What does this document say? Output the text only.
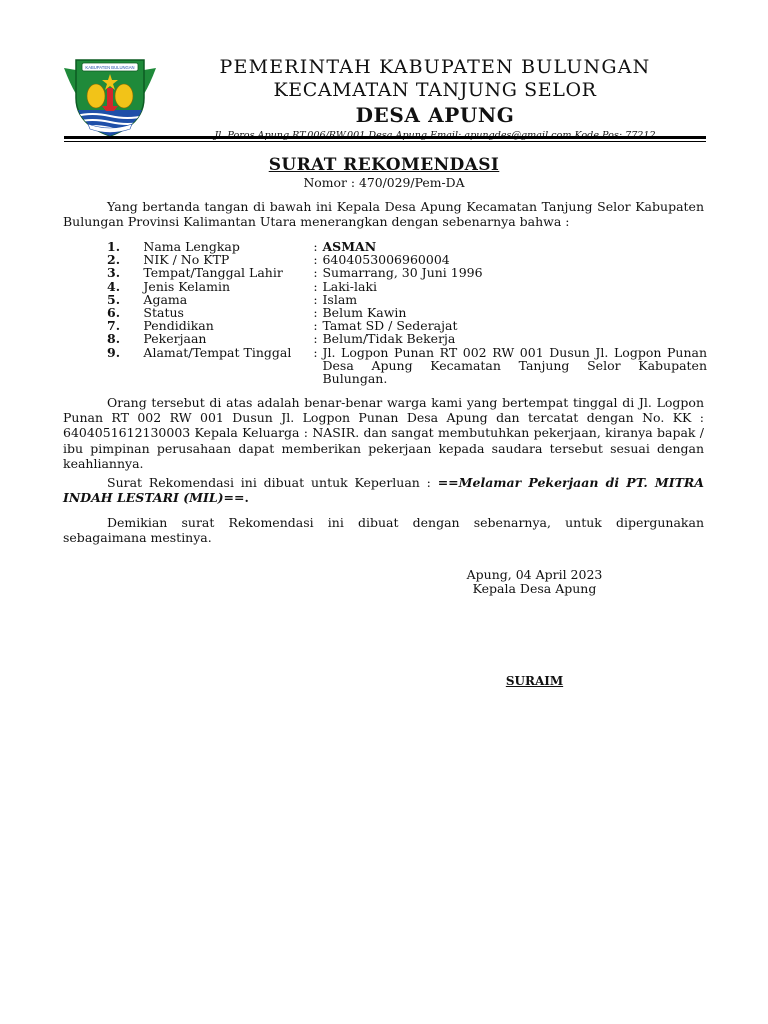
KABUPATEN BULUNGAN	PEMERINTAH KABUPATEN BULUNGAN
KECAMATAN TANJUNG SELOR
DESA APUNG
SURAT REKOMENDASI
Nomor : 470/029/Pem-DA
Yang bertanda tangan di bawah ini Kepala Desa Apung Kecamatan Tanjung Selor Kabupaten Bulungan Provinsi Kalimantan Utara menerangkan dengan sebenarnya bahwa :
1.	Nama Lengkap	:	ASMAN
2.	NIK / No KTP	:	6404053006960004
3.	Tempat/Tanggal Lahir	:	Sumarrang, 30 Juni 1996
4.	Jenis Kelamin	:	Laki-laki
5.	Agama	:	Islam
6.	Status	:	Belum Kawin
7.	Pendidikan	:	Tamat SD / Sederajat
8.	Pekerjaan	:	Belum/Tidak Bekerja
9.	Alamat/Tempat Tinggal	:	Jl. Logpon Punan RT 002 RW 001 Dusun Jl. Logpon Punan Desa Apung Kecamatan Tanjung Selor Kabupaten Bulungan.
Orang tersebut di atas adalah benar-benar warga kami yang bertempat tinggal di Jl. Logpon Punan RT 002 RW 001 Dusun Jl. Logpon Punan Desa Apung dan tercatat dengan No. KK : 6404051612130003 Kepala Keluarga : NASIR. dan sangat membutuhkan pekerjaan, kiranya bapak / ibu pimpinan perusahaan dapat memberikan pekerjaan kepada saudara tersebut sesuai dengan keahliannya.
Surat Rekomendasi ini dibuat untuk Keperluan : ==Melamar Pekerjaan di PT. MITRA INDAH LESTARI (MIL)==.
Demikian surat Rekomendasi ini dibuat dengan sebenarnya, untuk dipergunakan sebagaimana mestinya.
Apung, 04 April 2023
Kepala Desa Apung
SURAIM
